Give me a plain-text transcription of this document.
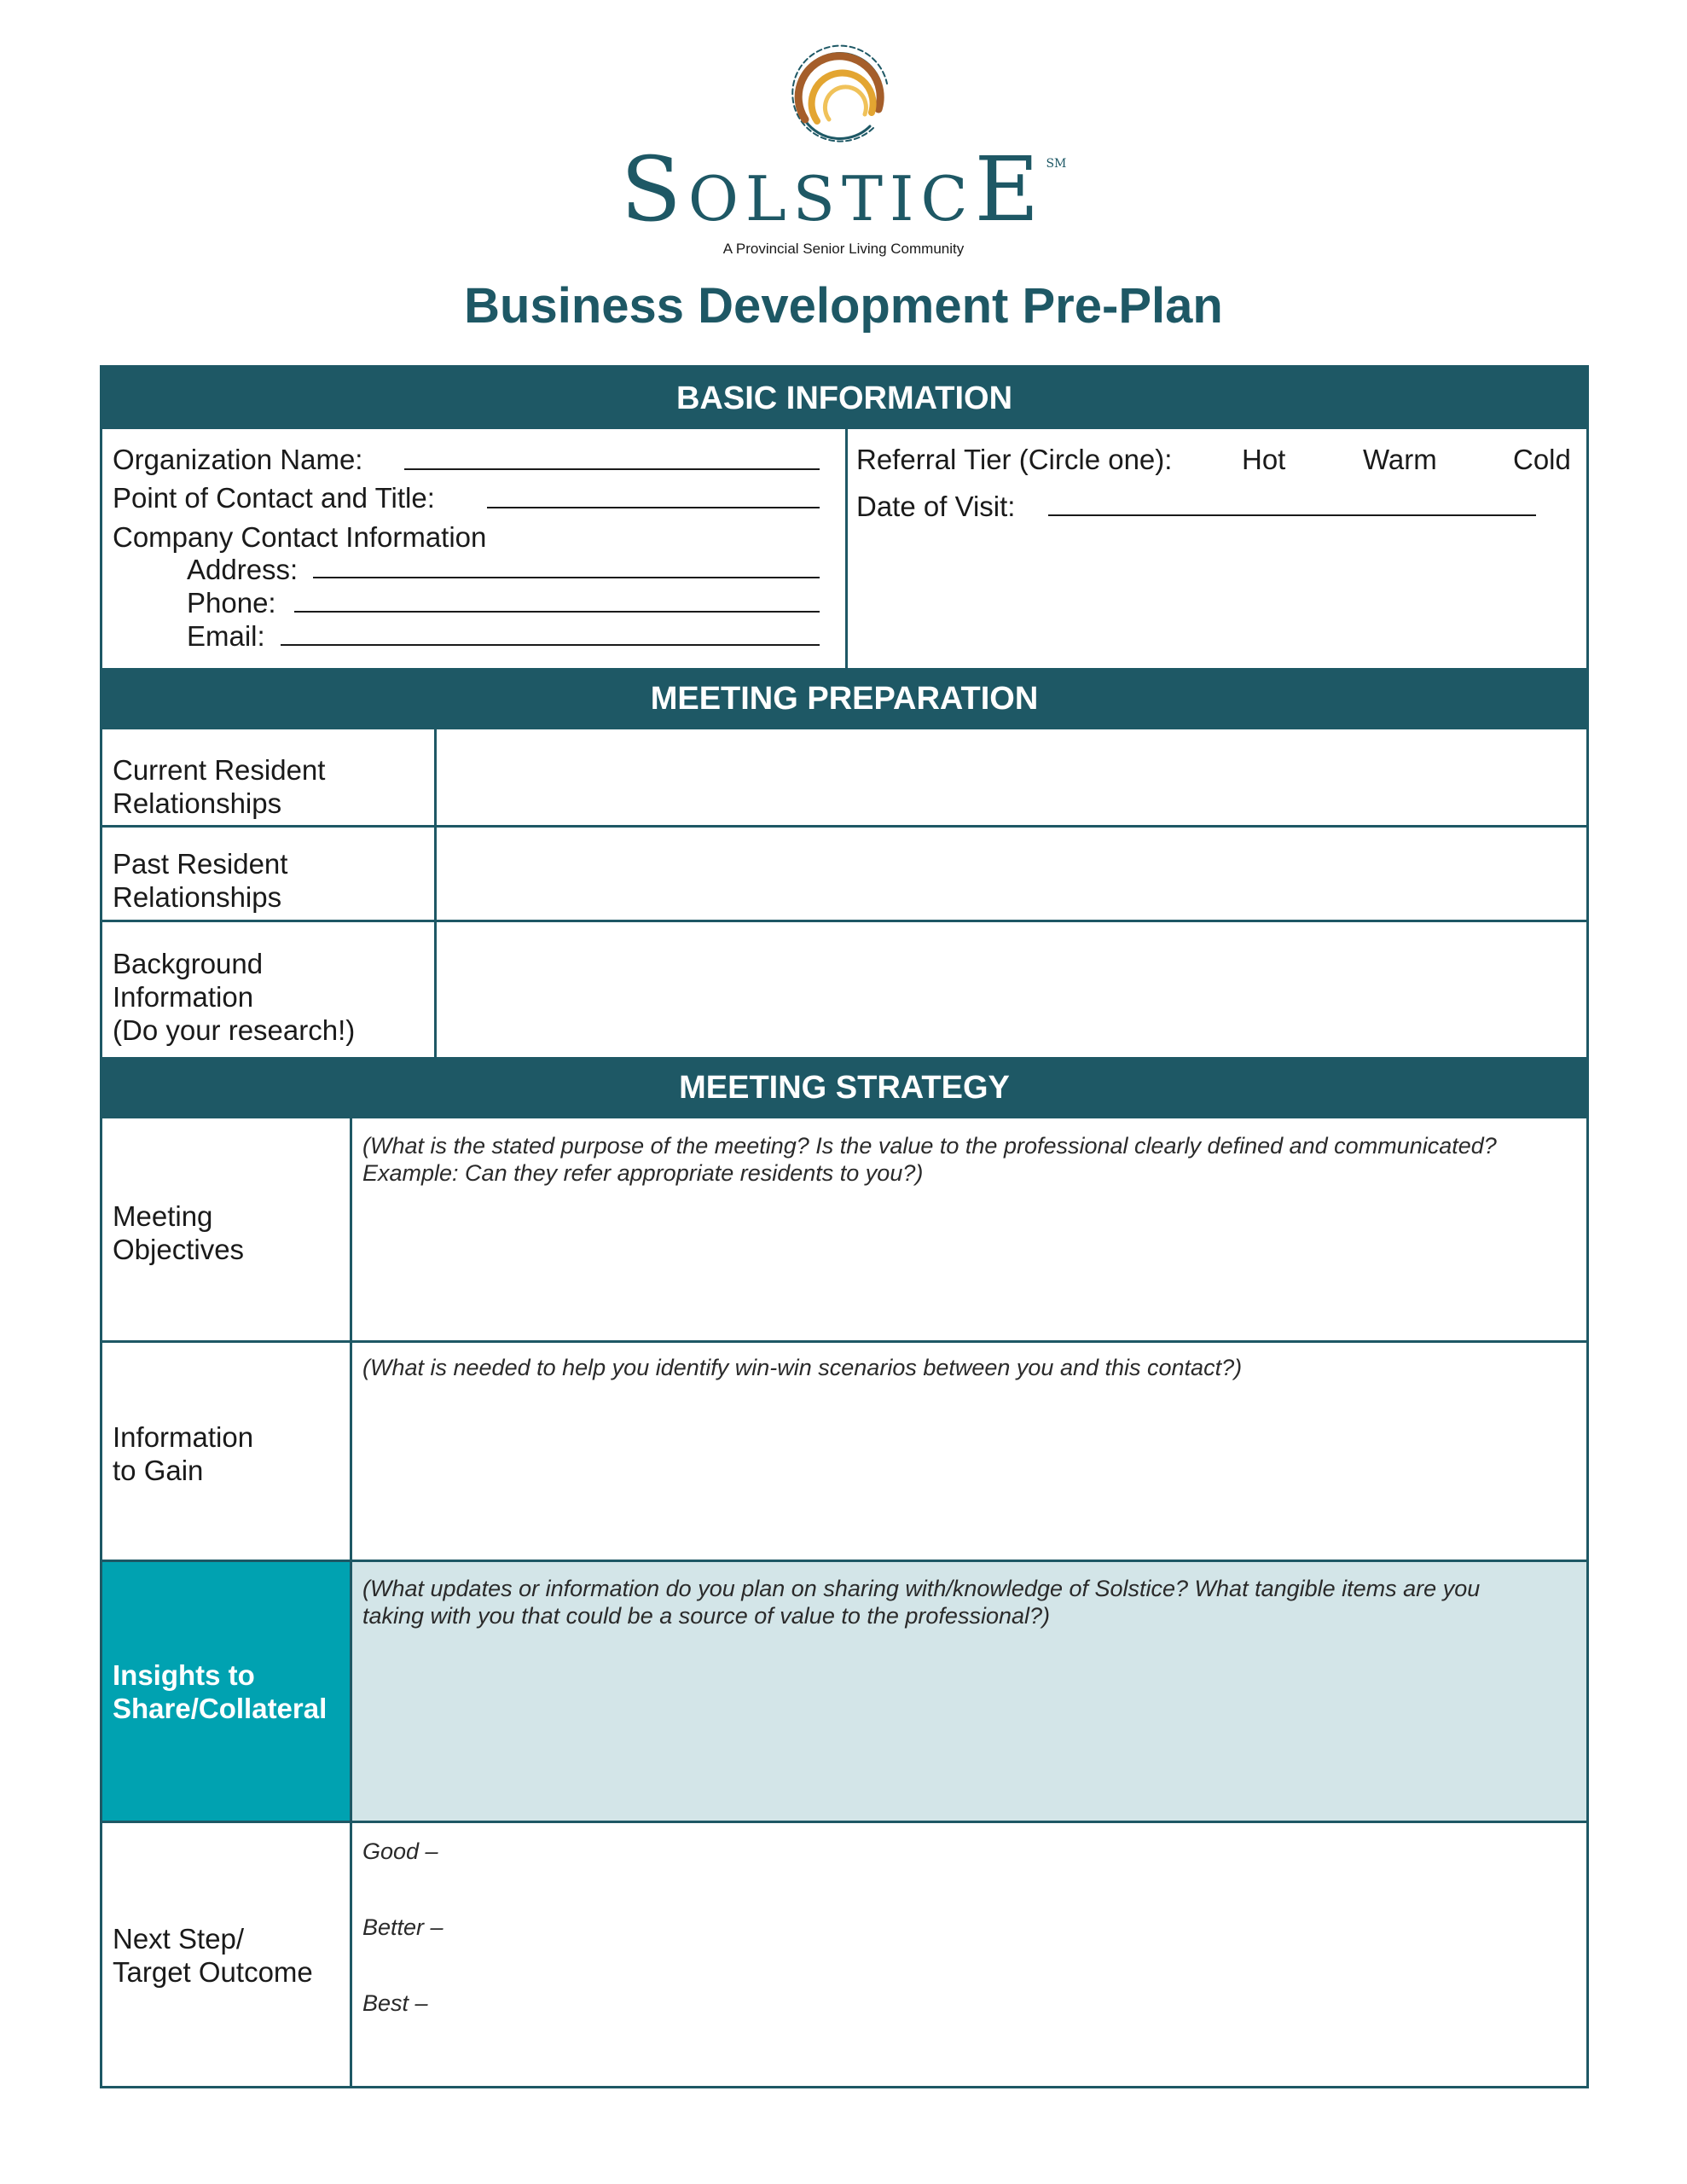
SOLSTICE℠
A Provincial Senior Living Community
Business Development Pre-Plan
BASIC INFORMATION
Organization Name:
Point of Contact and Title:
Company Contact Information
Address:
Phone:
Email:
Referral Tier (Circle one): Hot	Warm	Cold
Date of Visit:
MEETING PREPARATION
Current Resident
Relationships
Past Resident
Relationships
Background
Information
(Do your research!)
MEETING STRATEGY
Meeting
Objectives
(What is the stated purpose of the meeting? Is the value to the professional clearly defined and communicated?
Example: Can they refer appropriate residents to you?)
Information
to Gain
(What is needed to help you identify win-win scenarios between you and this contact?)
Insights to
Share/Collateral
(What updates or information do you plan on sharing with/knowledge of Solstice? What tangible items are you
taking with you that could be a source of value to the professional?)
Next Step/
Target Outcome
Good –
Better –
Best –
